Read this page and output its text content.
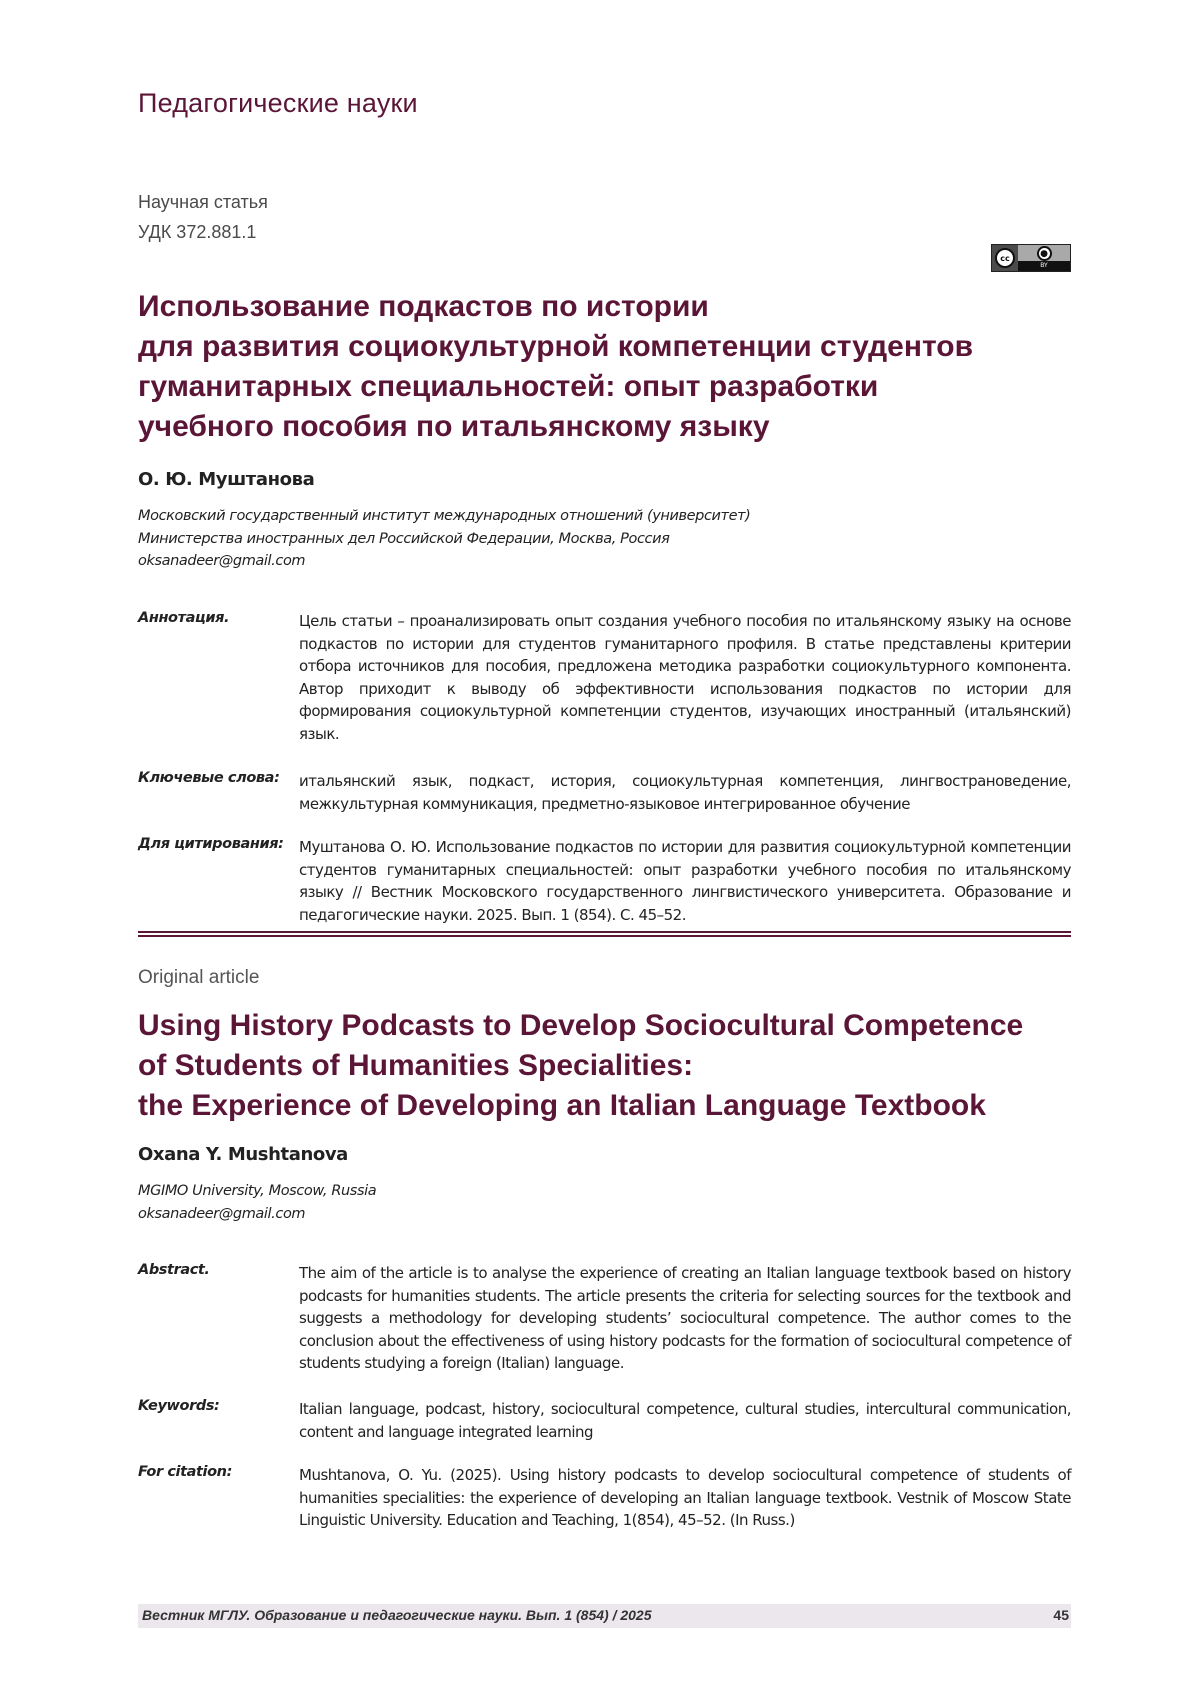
Педагогические науки
Научная статья
УДК 372.881.1
cc	●
BY
Использование подкастов по истории
для развития социокультурной компетенции студентов
гуманитарных специальностей: опыт разработки
учебного пособия по итальянскому языку
О. Ю. Муштанова
Московский государственный институт международных отношений (университет)
Министерства иностранных дел Российской Федерации, Москва, Россия
oksanadeer@gmail.com
Аннотация.	Цель статьи – проанализировать опыт создания учебного пособия по итальянскому языку на основе подкастов по истории для студентов гуманитарного профиля. В статье представлены критерии отбора источников для пособия, предложена методика разработки социокультурного компонента. Автор приходит к выводу об эффективности использования подкастов по истории для формирования социокультурной компетенции студентов, изучающих иностранный (итальянский) язык.
Ключевые слова: итальянский язык, подкаст, история, социокультурная компетенция, лингвострановедение, межкультурная коммуникация, предметно-языковое интегрированное обучение
Для цитирования: Муштанова О. Ю. Использование подкастов по истории для развития социокультурной компетенции студентов гуманитарных специальностей: опыт разработки учебного пособия по итальянскому языку // Вестник Московского государственного лингвистического университета. Образование и педагогические науки. 2025. Вып. 1 (854). С. 45–52.
Original article
Using History Podcasts to Develop Sociocultural Competence
of Students of Humanities Specialities:
the Experience of Developing an Italian Language Textbook
Oxana Y. Mushtanova
MGIMO University, Moscow, Russia
oksanadeer@gmail.com
Abstract.	The aim of the article is to analyse the experience of creating an Italian language textbook based on history podcasts for humanities students. The article presents the criteria for selecting sources for the textbook and suggests a methodology for developing students’ sociocultural competence. The author comes to the conclusion about the effectiveness of using history podcasts for the formation of sociocultural competence of students studying a foreign (Italian) language.
Keywords:	Italian language, podcast, history, sociocultural competence, cultural studies, intercultural communication, content and language integrated learning
For citation:	Mushtanova, O. Yu. (2025). Using history podcasts to develop sociocultural competence of students of humanities specialities: the experience of developing an Italian language textbook. Vestnik of Moscow State Linguistic University. Education and Teaching, 1(854), 45–52. (In Russ.)
Вестник МГЛУ. Образование и педагогические науки. Вып. 1 (854) / 2025	45
